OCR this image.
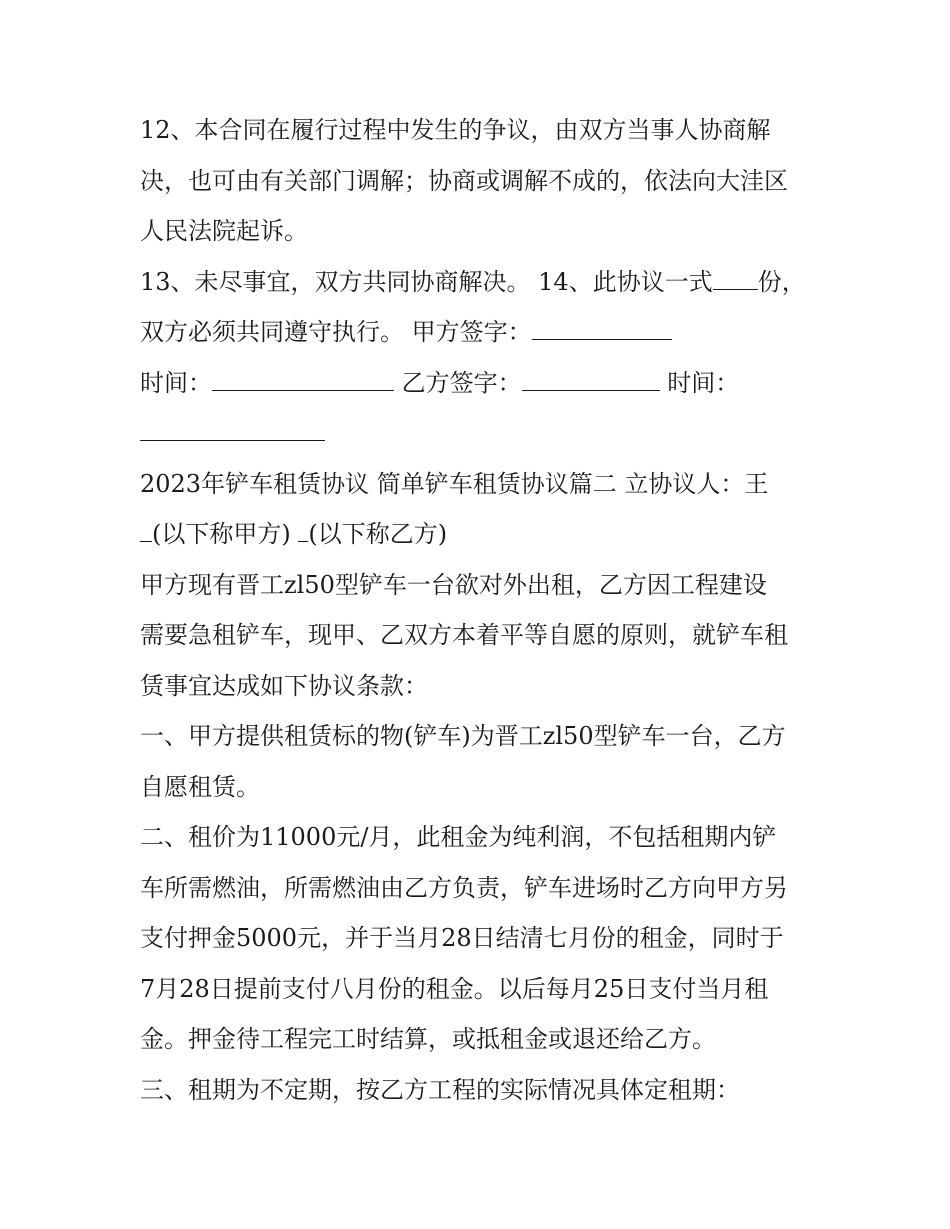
12、本合同在履行过程中发生的争议，由双方当事人协商解
决，也可由有关部门调解；协商或调解不成的，依法向大洼区
人民法院起诉。
13、未尽事宜，双方共同协商解决。 14、此协议一式 份，
双方必须共同遵守执行。 甲方签字：
时间：	乙方签字：	时间：
2023年铲车租赁协议 简单铲车租赁协议篇二 立协议人：王
(以下称甲方) (以下称乙方)
甲方现有晋工zl50型铲车一台欲对外出租，乙方因工程建设
需要急租铲车，现甲、乙双方本着平等自愿的原则，就铲车租
赁事宜达成如下协议条款：
一、甲方提供租赁标的物(铲车)为晋工zl50型铲车一台，乙方
自愿租赁。
二、租价为11000元/月，此租金为纯利润，不包括租期内铲
车所需燃油，所需燃油由乙方负责，铲车进场时乙方向甲方另
支付押金5000元，并于当月28日结清七月份的租金，同时于
7月28日提前支付八月份的租金。以后每月25日支付当月租
金。押金待工程完工时结算，或抵租金或退还给乙方。
三、租期为不定期，按乙方工程的实际情况具体定租期：
